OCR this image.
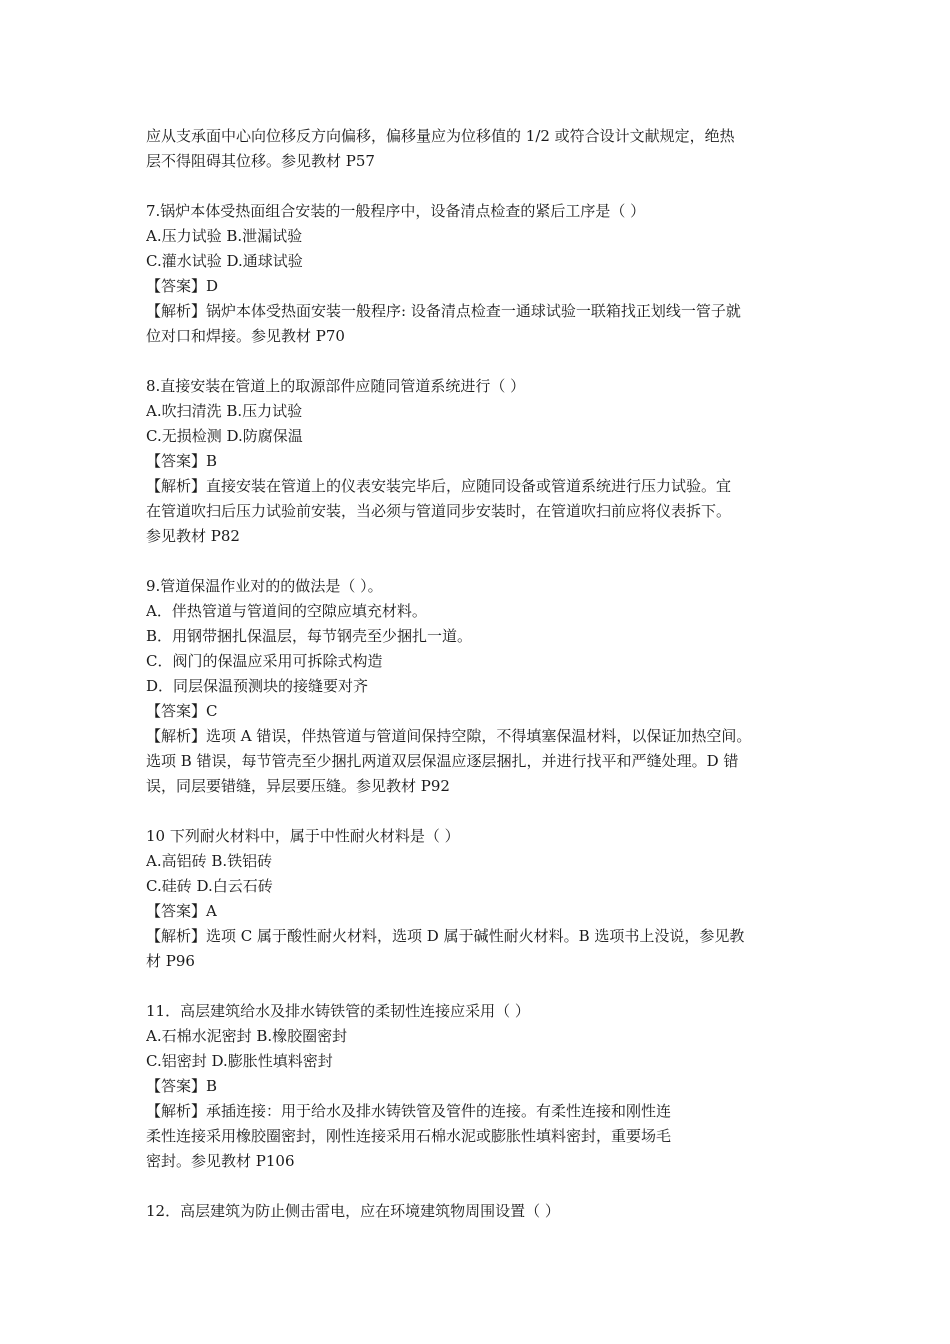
应从支承面中心向位移反方向偏移，偏移量应为位移值的 1/2 或符合设计文献规定，绝热
层不得阻碍其位移。参见教材 P57
7.锅炉本体受热面组合安装的一般程序中，设备清点检查的紧后工序是（ ）
A.压力试验 B.泄漏试验
C.灌水试验 D.通球试验
【答案】D
【解析】锅炉本体受热面安装一般程序: 设备清点检查一通球试验一联箱找正划线一管子就
位对口和焊接。参见教材 P70
8.直接安装在管道上的取源部件应随同管道系统进行（ ）
A.吹扫清洗 B.压力试验
C.无损检测 D.防腐保温
【答案】B
【解析】直接安装在管道上的仪表安装完毕后，应随同设备或管道系统进行压力试验。宜
在管道吹扫后压力试验前安装，当必须与管道同步安装时，在管道吹扫前应将仪表拆下。
参见教材 P82
9.管道保温作业对的的做法是（ ）。
A．伴热管道与管道间的空隙应填充材料。
B．用钢带捆扎保温层，每节钢壳至少捆扎一道。
C．阀门的保温应采用可拆除式构造
D．同层保温预测块的接缝要对齐
【答案】C
【解析】选项 A 错误，伴热管道与管道间保持空隙，不得填塞保温材料，以保证加热空间。
选项 B 错误，每节管壳至少捆扎两道双层保温应逐层捆扎，并进行找平和严缝处理。D 错
误，同层要错缝，异层要压缝。参见教材 P92
10 下列耐火材料中，属于中性耐火材料是（ ）
A.高铝砖 B.铁铝砖
C.硅砖 D.白云石砖
【答案】A
【解析】选项 C 属于酸性耐火材料，选项 D 属于碱性耐火材料。B 选项书上没说，参见教
材 P96
11．高层建筑给水及排水铸铁管的柔韧性连接应采用（ ）
A.石棉水泥密封 B.橡胶圈密封
C.铝密封 D.膨胀性填料密封
【答案】B
【解析】承插连接：用于给水及排水铸铁管及管件的连接。有柔性连接和刚性连
柔性连接采用橡胶圈密封，刚性连接采用石棉水泥或膨胀性填料密封，重要场毛
密封。参见教材 P106
12．高层建筑为防止侧击雷电，应在环境建筑物周围设置（ ）
